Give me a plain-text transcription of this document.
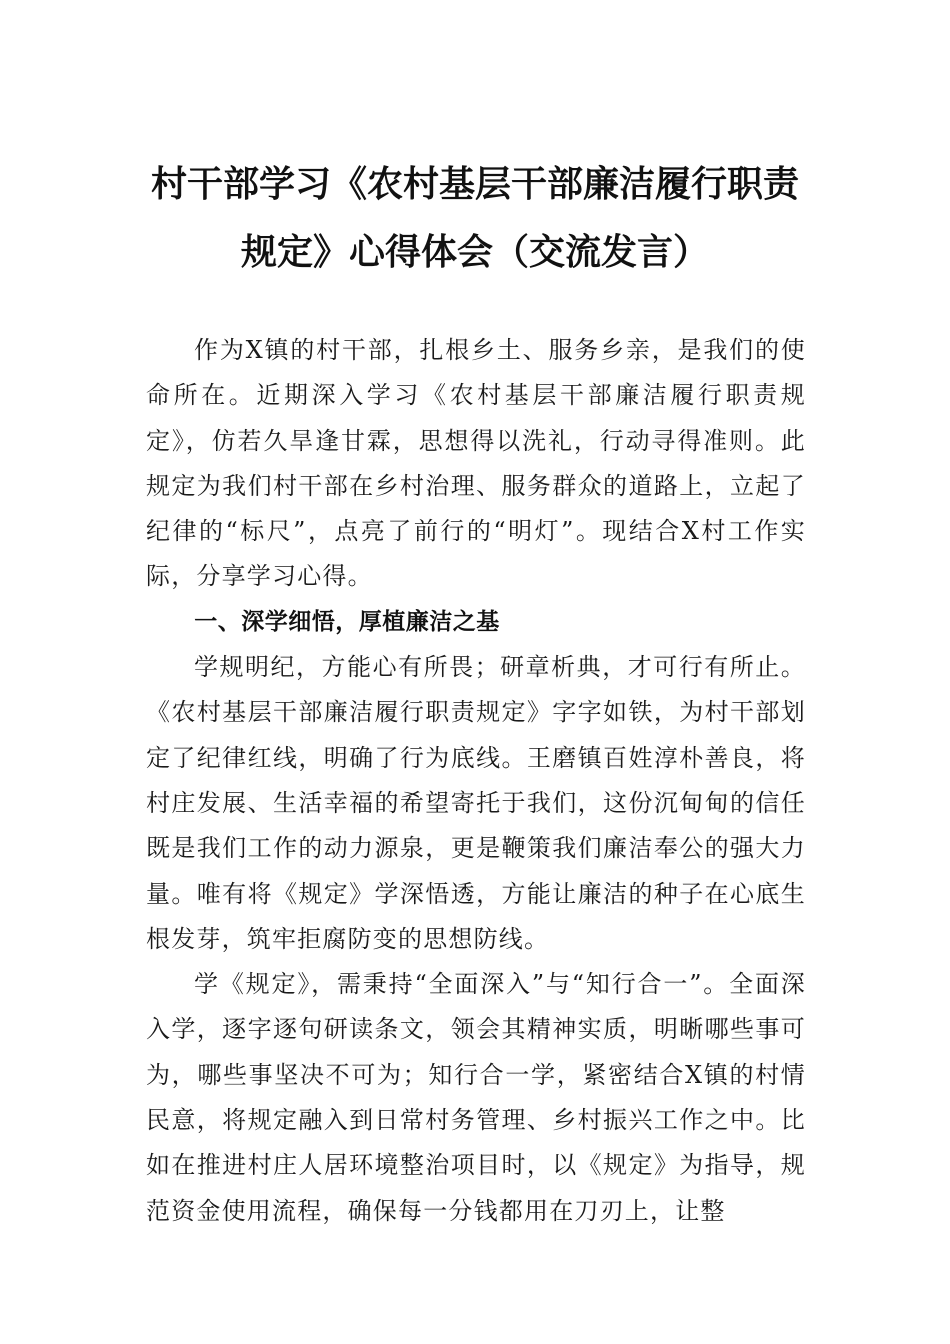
村干部学习《农村基层干部廉洁履行职责
规定》心得体会（交流发言）

作为X镇的村干部，扎根乡土、服务乡亲，是我们的使命所在。近期深入学习《农村基层干部廉洁履行职责规定》，仿若久旱逢甘霖，思想得以洗礼，行动寻得准则。此规定为我们村干部在乡村治理、服务群众的道路上，立起了纪律的“标尺”，点亮了前行的“明灯”。现结合X村工作实际，分享学习心得。

一、深学细悟，厚植廉洁之基

学规明纪，方能心有所畏；研章析典，才可行有所止。《农村基层干部廉洁履行职责规定》字字如铁，为村干部划定了纪律红线，明确了行为底线。王磨镇百姓淳朴善良，将村庄发展、生活幸福的希望寄托于我们，这份沉甸甸的信任既是我们工作的动力源泉，更是鞭策我们廉洁奉公的强大力量。唯有将《规定》学深悟透，方能让廉洁的种子在心底生根发芽，筑牢拒腐防变的思想防线。

学《规定》，需秉持“全面深入”与“知行合一”。全面深入学，逐字逐句研读条文，领会其精神实质，明晰哪些事可为，哪些事坚决不可为；知行合一学，紧密结合X镇的村情民意，将规定融入到日常村务管理、乡村振兴工作之中。比如在推进村庄人居环境整治项目时，以《规定》为指导，规范资金使用流程，确保每一分钱都用在刀刃上，让整
